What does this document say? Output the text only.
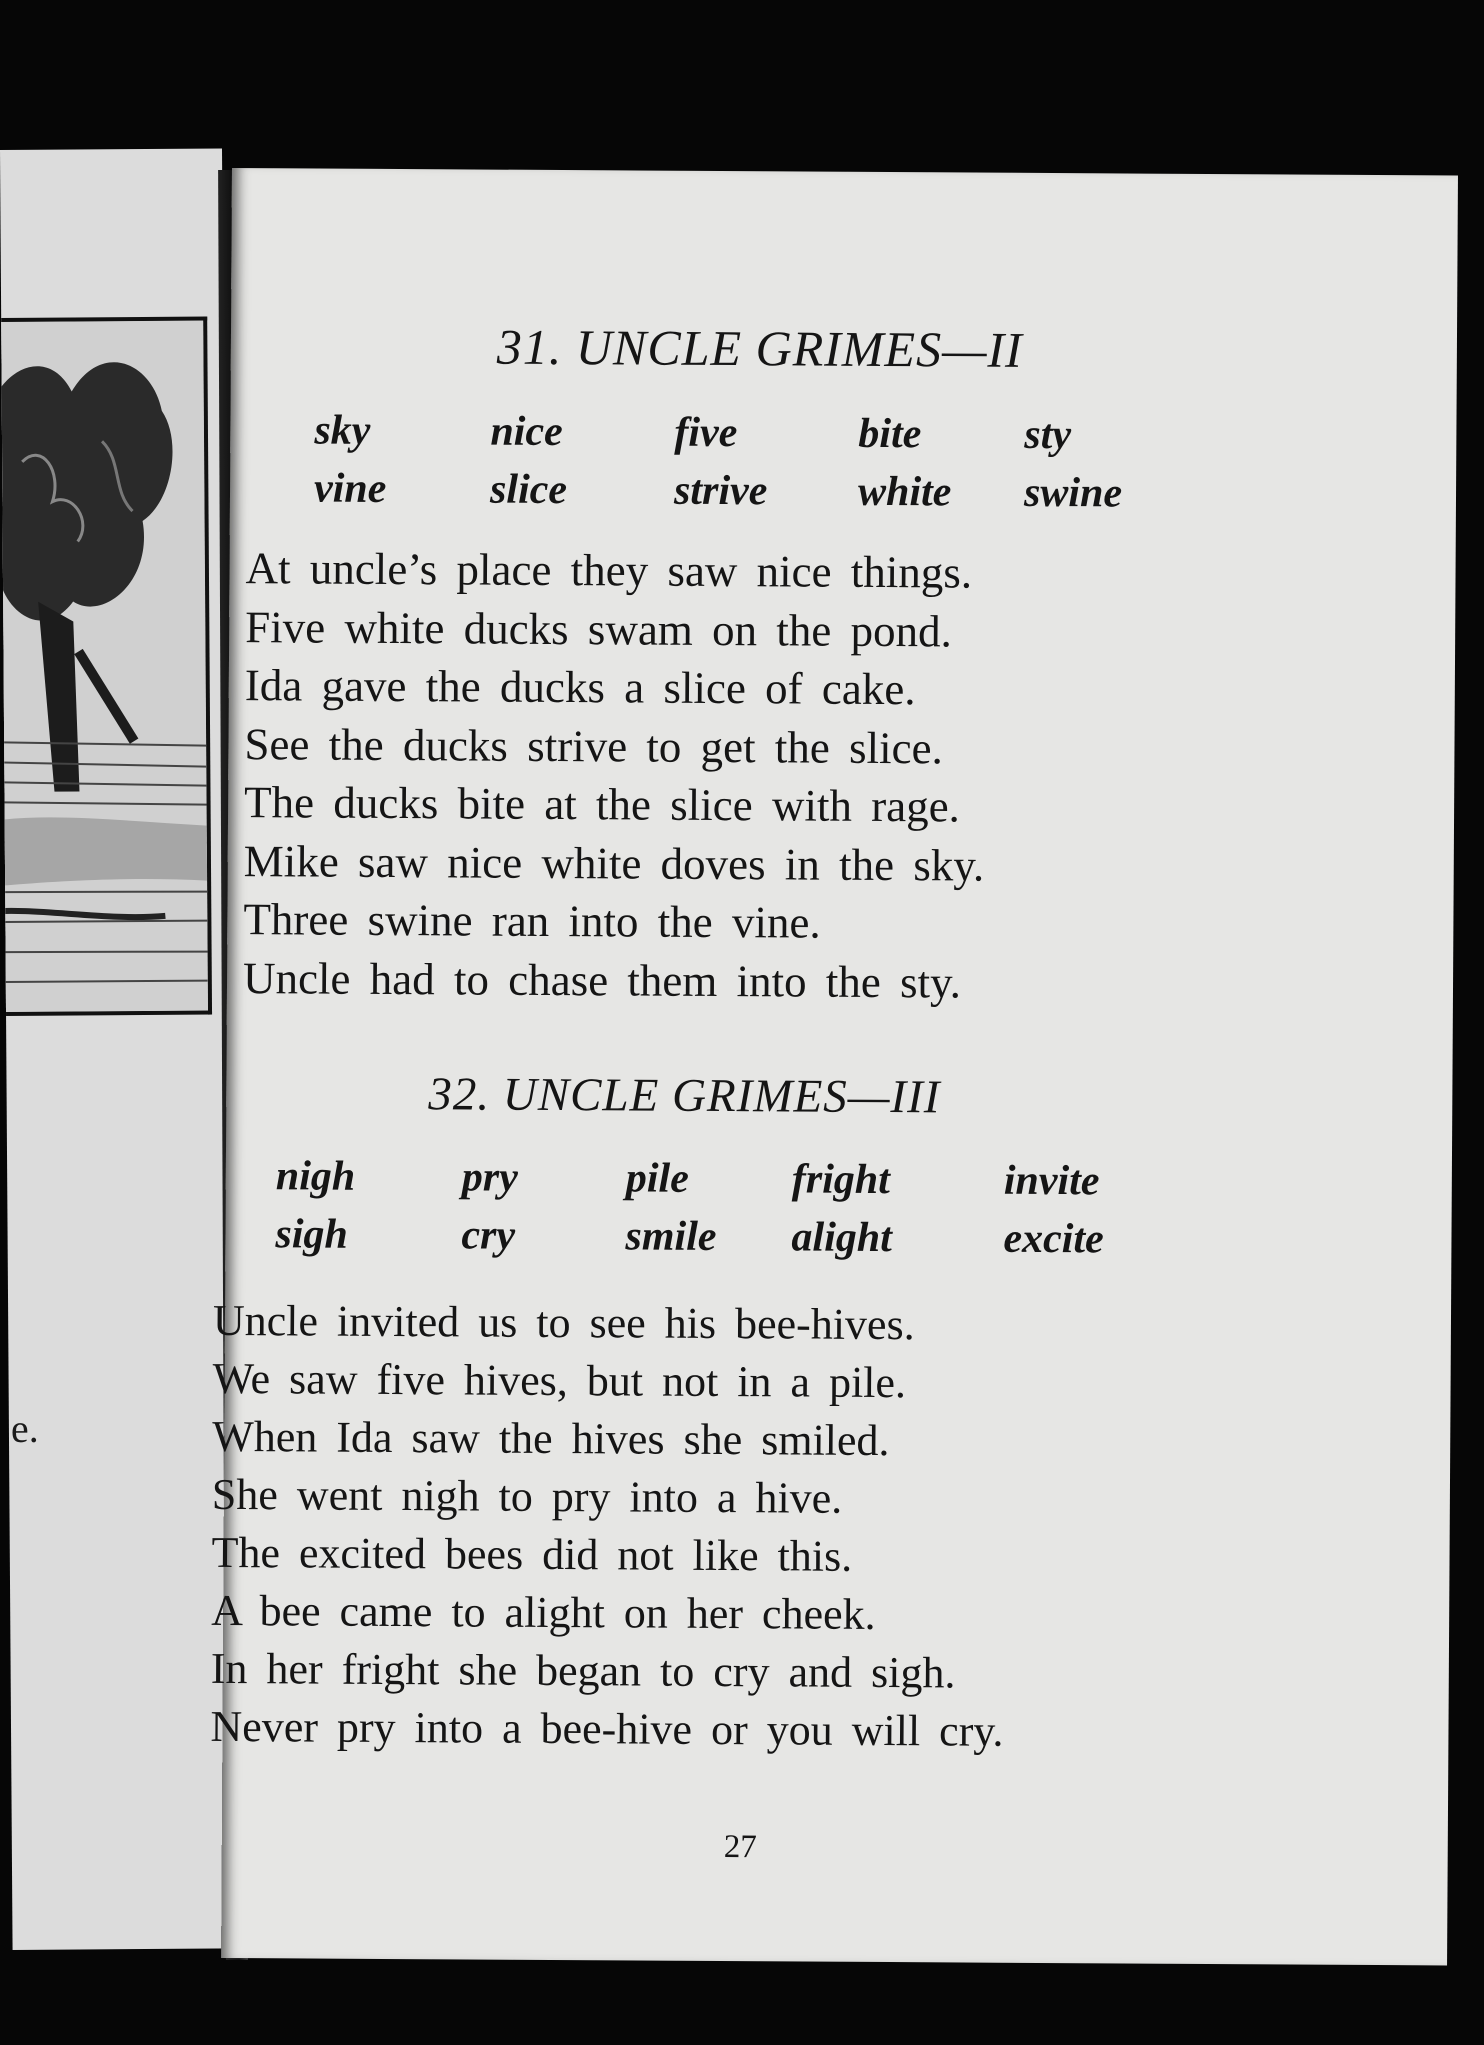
e.
31. UNCLE GRIMES—II
sky	nice	five	bite	sty
vine	slice	strive	white	swine
At uncle’s place they saw nice things.
Five white ducks swam on the pond.
Ida gave the ducks a slice of cake.
See the ducks strive to get the slice.
The ducks bite at the slice with rage.
Mike saw nice white doves in the sky.
Three swine ran into the vine.
Uncle had to chase them into the sty.
32. UNCLE GRIMES—III
nigh	pry	pile	fright	invite
sigh	cry	smile	alight	excite
Uncle invited us to see his bee-hives.
We saw five hives, but not in a pile.
When Ida saw the hives she smiled.
She went nigh to pry into a hive.
The excited bees did not like this.
A bee came to alight on her cheek.
In her fright she began to cry and sigh.
Never pry into a bee-hive or you will cry.
27
